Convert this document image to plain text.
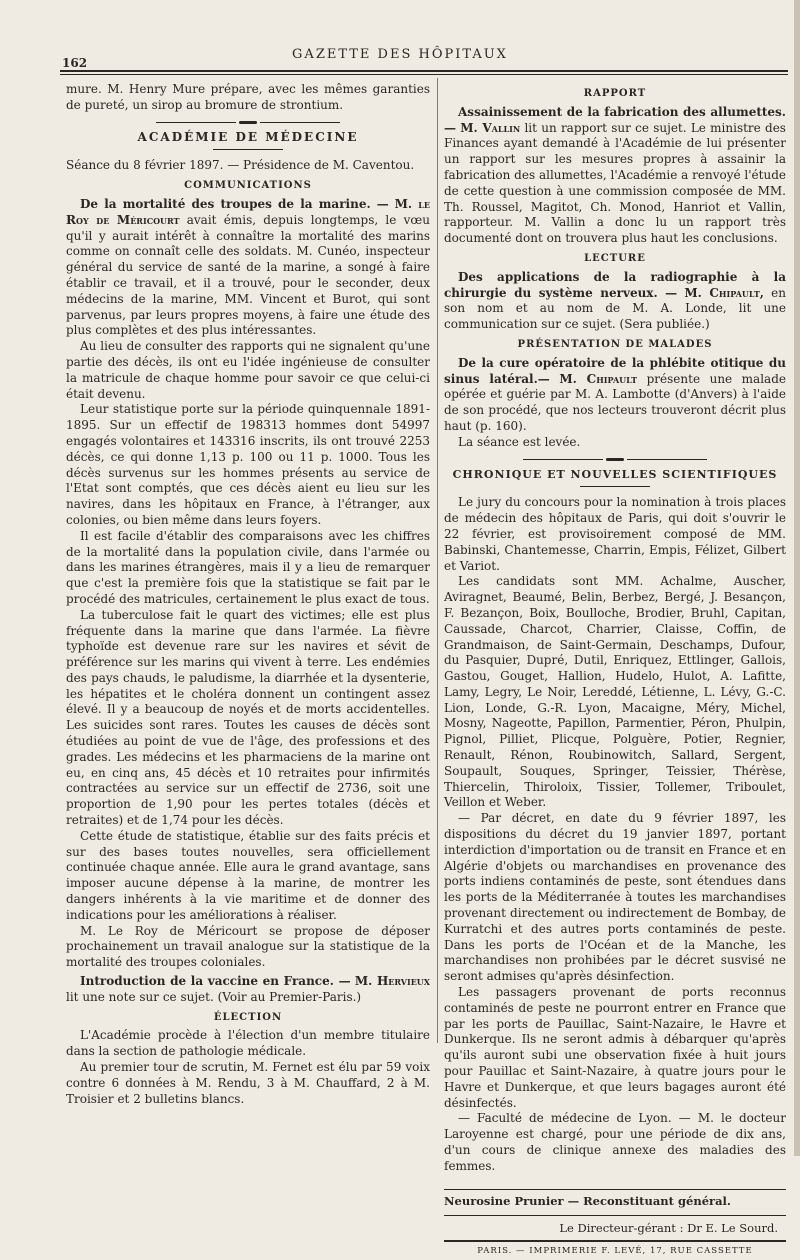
162
GAZETTE DES HÔPITAUX

mure. M. Henry Mure prépare, avec les mêmes garanties de pureté, un sirop au bromure de strontium.

ACADÉMIE DE MÉDECINE

Séance du 8 février 1897. — Présidence de M. Caventou.

COMMUNICATIONS

De la mortalité des troupes de la marine. — M. le Roy de Méricourt avait émis, depuis longtemps, le vœu qu'il y aurait intérêt à connaître la mortalité des marins comme on connaît celle des soldats. M. Cunéo, inspecteur général du service de santé de la marine, a songé à faire établir ce travail, et il a trouvé, pour le seconder, deux médecins de la marine, MM. Vincent et Burot, qui sont parvenus, par leurs propres moyens, à faire une étude des plus complètes et des plus intéressantes.

Au lieu de consulter des rapports qui ne signalent qu'une partie des décès, ils ont eu l'idée ingénieuse de consulter la matricule de chaque homme pour savoir ce que celui-ci était devenu.

Leur statistique porte sur la période quinquennale 1891-1895. Sur un effectif de 198313 hommes dont 54997 engagés volontaires et 143316 inscrits, ils ont trouvé 2253 décès, ce qui donne 1,13 p. 100 ou 11 p. 1000. Tous les décès survenus sur les hommes présents au service de l'Etat sont comptés, que ces décès aient eu lieu sur les navires, dans les hôpitaux en France, à l'étranger, aux colonies, ou bien même dans leurs foyers.

Il est facile d'établir des comparaisons avec les chiffres de la mortalité dans la population civile, dans l'armée ou dans les marines étrangères, mais il y a lieu de remarquer que c'est la première fois que la statistique se fait par le procédé des matricules, certainement le plus exact de tous.

La tuberculose fait le quart des victimes; elle est plus fréquente dans la marine que dans l'armée. La fièvre typhoïde est devenue rare sur les navires et sévit de préférence sur les marins qui vivent à terre. Les endémies des pays chauds, le paludisme, la diarrhée et la dysenterie, les hépatites et le choléra donnent un contingent assez élevé. Il y a beaucoup de noyés et de morts accidentelles. Les suicides sont rares. Toutes les causes de décès sont étudiées au point de vue de l'âge, des professions et des grades. Les médecins et les pharmaciens de la marine ont eu, en cinq ans, 45 décès et 10 retraites pour infirmités contractées au service sur un effectif de 2736, soit une proportion de 1,90 pour les pertes totales (décès et retraites) et de 1,74 pour les décès.

Cette étude de statistique, établie sur des faits précis et sur des bases toutes nouvelles, sera officiellement continuée chaque année. Elle aura le grand avantage, sans imposer aucune dépense à la marine, de montrer les dangers inhérents à la vie maritime et de donner des indications pour les améliorations à réaliser.

M. Le Roy de Méricourt se propose de déposer prochainement un travail analogue sur la statistique de la mortalité des troupes coloniales.

Introduction de la vaccine en France. — M. Hervieux lit une note sur ce sujet. (Voir au Premier-Paris.)

ÉLECTION

L'Académie procède à l'élection d'un membre titulaire dans la section de pathologie médicale.

Au premier tour de scrutin, M. Fernet est élu par 59 voix contre 6 données à M. Rendu, 3 à M. Chauffard, 2 à M. Troisier et 2 bulletins blancs.

RAPPORT

Assainissement de la fabrication des allumettes. — M. Vallin lit un rapport sur ce sujet. Le ministre des Finances ayant demandé à l'Académie de lui présenter un rapport sur les mesures propres à assainir la fabrication des allumettes, l'Académie a renvoyé l'étude de cette question à une commission composée de MM. Th. Roussel, Magitot, Ch. Monod, Hanriot et Vallin, rapporteur. M. Vallin a donc lu un rapport très documenté dont on trouvera plus haut les conclusions.

LECTURE

Des applications de la radiographie à la chirurgie du système nerveux. — M. Chipault, en son nom et au nom de M. A. Londe, lit une communication sur ce sujet. (Sera publiée.)

PRÉSENTATION DE MALADES

De la cure opératoire de la phlébite otitique du sinus latéral.— M. Chipault présente une malade opérée et guérie par M. A. Lambotte (d'Anvers) à l'aide de son procédé, que nos lecteurs trouveront décrit plus haut (p. 160).

La séance est levée.

CHRONIQUE ET NOUVELLES SCIENTIFIQUES

Le jury du concours pour la nomination à trois places de médecin des hôpitaux de Paris, qui doit s'ouvrir le 22 février, est provisoirement composé de MM. Babinski, Chantemesse, Charrin, Empis, Félizet, Gilbert et Variot.

Les candidats sont MM. Achalme, Auscher, Aviragnet, Beaumé, Belin, Berbez, Bergé, J. Besançon, F. Bezançon, Boix, Boulloche, Brodier, Bruhl, Capitan, Caussade, Charcot, Charrier, Claisse, Coffin, de Grandmaison, de Saint-Germain, Deschamps, Dufour, du Pasquier, Dupré, Dutil, Enriquez, Ettlinger, Gallois, Gastou, Gouget, Hallion, Hudelo, Hulot, A. Lafitte, Lamy, Legry, Le Noir, Lereddé, Létienne, L. Lévy, G.-C. Lion, Londe, G.-R. Lyon, Macaigne, Méry, Michel, Mosny, Nageotte, Papillon, Parmentier, Péron, Phulpin, Pignol, Pilliet, Plicque, Polguère, Potier, Regnier, Renault, Rénon, Roubinowitch, Sallard, Sergent, Soupault, Souques, Springer, Teissier, Thérèse, Thiercelin, Thiroloix, Tissier, Tollemer, Triboulet, Veillon et Weber.

— Par décret, en date du 9 février 1897, les dispositions du décret du 19 janvier 1897, portant interdiction d'importation ou de transit en France et en Algérie d'objets ou marchandises en provenance des ports indiens contaminés de peste, sont étendues dans les ports de la Méditerranée à toutes les marchandises provenant directement ou indirectement de Bombay, de Kurratchi et des autres ports contaminés de peste. Dans les ports de l'Océan et de la Manche, les marchandises non prohibées par le décret susvisé ne seront admises qu'après désinfection.

Les passagers provenant de ports reconnus contaminés de peste ne pourront entrer en France que par les ports de Pauillac, Saint-Nazaire, le Havre et Dunkerque. Ils ne seront admis à débarquer qu'après qu'ils auront subi une observation fixée à huit jours pour Pauillac et Saint-Nazaire, à quatre jours pour le Havre et Dunkerque, et que leurs bagages auront été désinfectés.

— Faculté de médecine de Lyon. — M. le docteur Laroyenne est chargé, pour une période de dix ans, d'un cours de clinique annexe des maladies des femmes.

Neurosine Prunier — Reconstituant général.
Le Directeur-gérant : Dr E. Le Sourd.
PARIS. — IMPRIMERIE F. LEVÉ, 17, RUE CASSETTE
